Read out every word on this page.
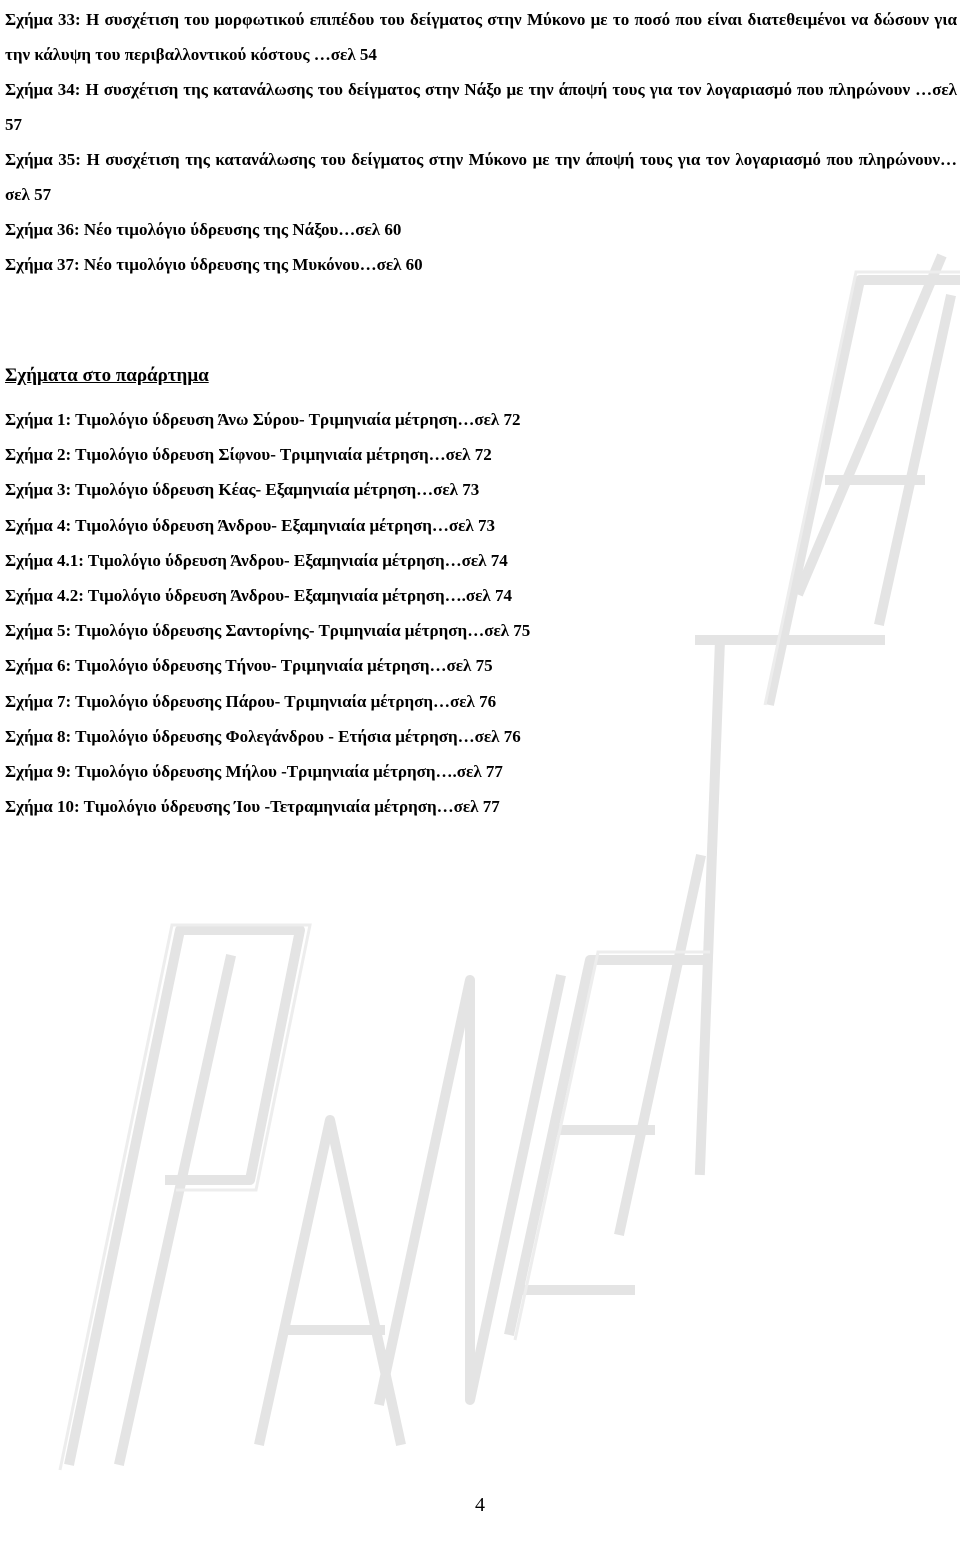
Σχήμα 33: Η συσχέτιση του μορφωτικού επιπέδου του δείγματος στην Μύκονο με το ποσό που είναι διατεθειμένοι να δώσουν για την κάλυψη του περιβαλλοντικού κόστους …σελ 54

Σχήμα 34: Η συσχέτιση της κατανάλωσης του δείγματος στην Νάξο με την άποψή τους για τον λογαριασμό που πληρώνουν …σελ 57

Σχήμα 35: Η συσχέτιση της κατανάλωσης του δείγματος στην Μύκονο με την άποψή τους για τον λογαριασμό που πληρώνουν…σελ 57

Σχήμα 36: Νέο τιμολόγιο ύδρευσης της Νάξου…σελ 60

Σχήμα 37: Νέο τιμολόγιο ύδρευσης της Μυκόνου…σελ 60

Σχήματα στο παράρτημα

Σχήμα 1: Τιμολόγιο ύδρευση Άνω Σύρου- Τριμηνιαία μέτρηση…σελ 72

Σχήμα 2: Τιμολόγιο ύδρευση Σίφνου- Τριμηνιαία μέτρηση…σελ 72

Σχήμα 3: Τιμολόγιο ύδρευση Κέας- Εξαμηνιαία μέτρηση…σελ 73

Σχήμα 4: Τιμολόγιο ύδρευση Άνδρου- Εξαμηνιαία μέτρηση…σελ 73

Σχήμα 4.1: Τιμολόγιο ύδρευση Άνδρου- Εξαμηνιαία μέτρηση…σελ 74

Σχήμα 4.2: Τιμολόγιο ύδρευση Άνδρου- Εξαμηνιαία μέτρηση….σελ 74

Σχήμα 5: Τιμολόγιο ύδρευσης Σαντορίνης- Τριμηνιαία μέτρηση…σελ 75

Σχήμα 6: Τιμολόγιο ύδρευσης Τήνου- Τριμηνιαία μέτρηση…σελ 75

Σχήμα 7: Τιμολόγιο ύδρευσης Πάρου- Τριμηνιαία μέτρηση…σελ 76

Σχήμα 8: Τιμολόγιο ύδρευσης Φολεγάνδρου - Ετήσια μέτρηση…σελ 76

Σχήμα 9: Τιμολόγιο ύδρευσης Μήλου -Τριμηνιαία μέτρηση….σελ 77

Σχήμα 10: Τιμολόγιο ύδρευσης Ίου -Τετραμηνιαία μέτρηση…σελ 77

4
